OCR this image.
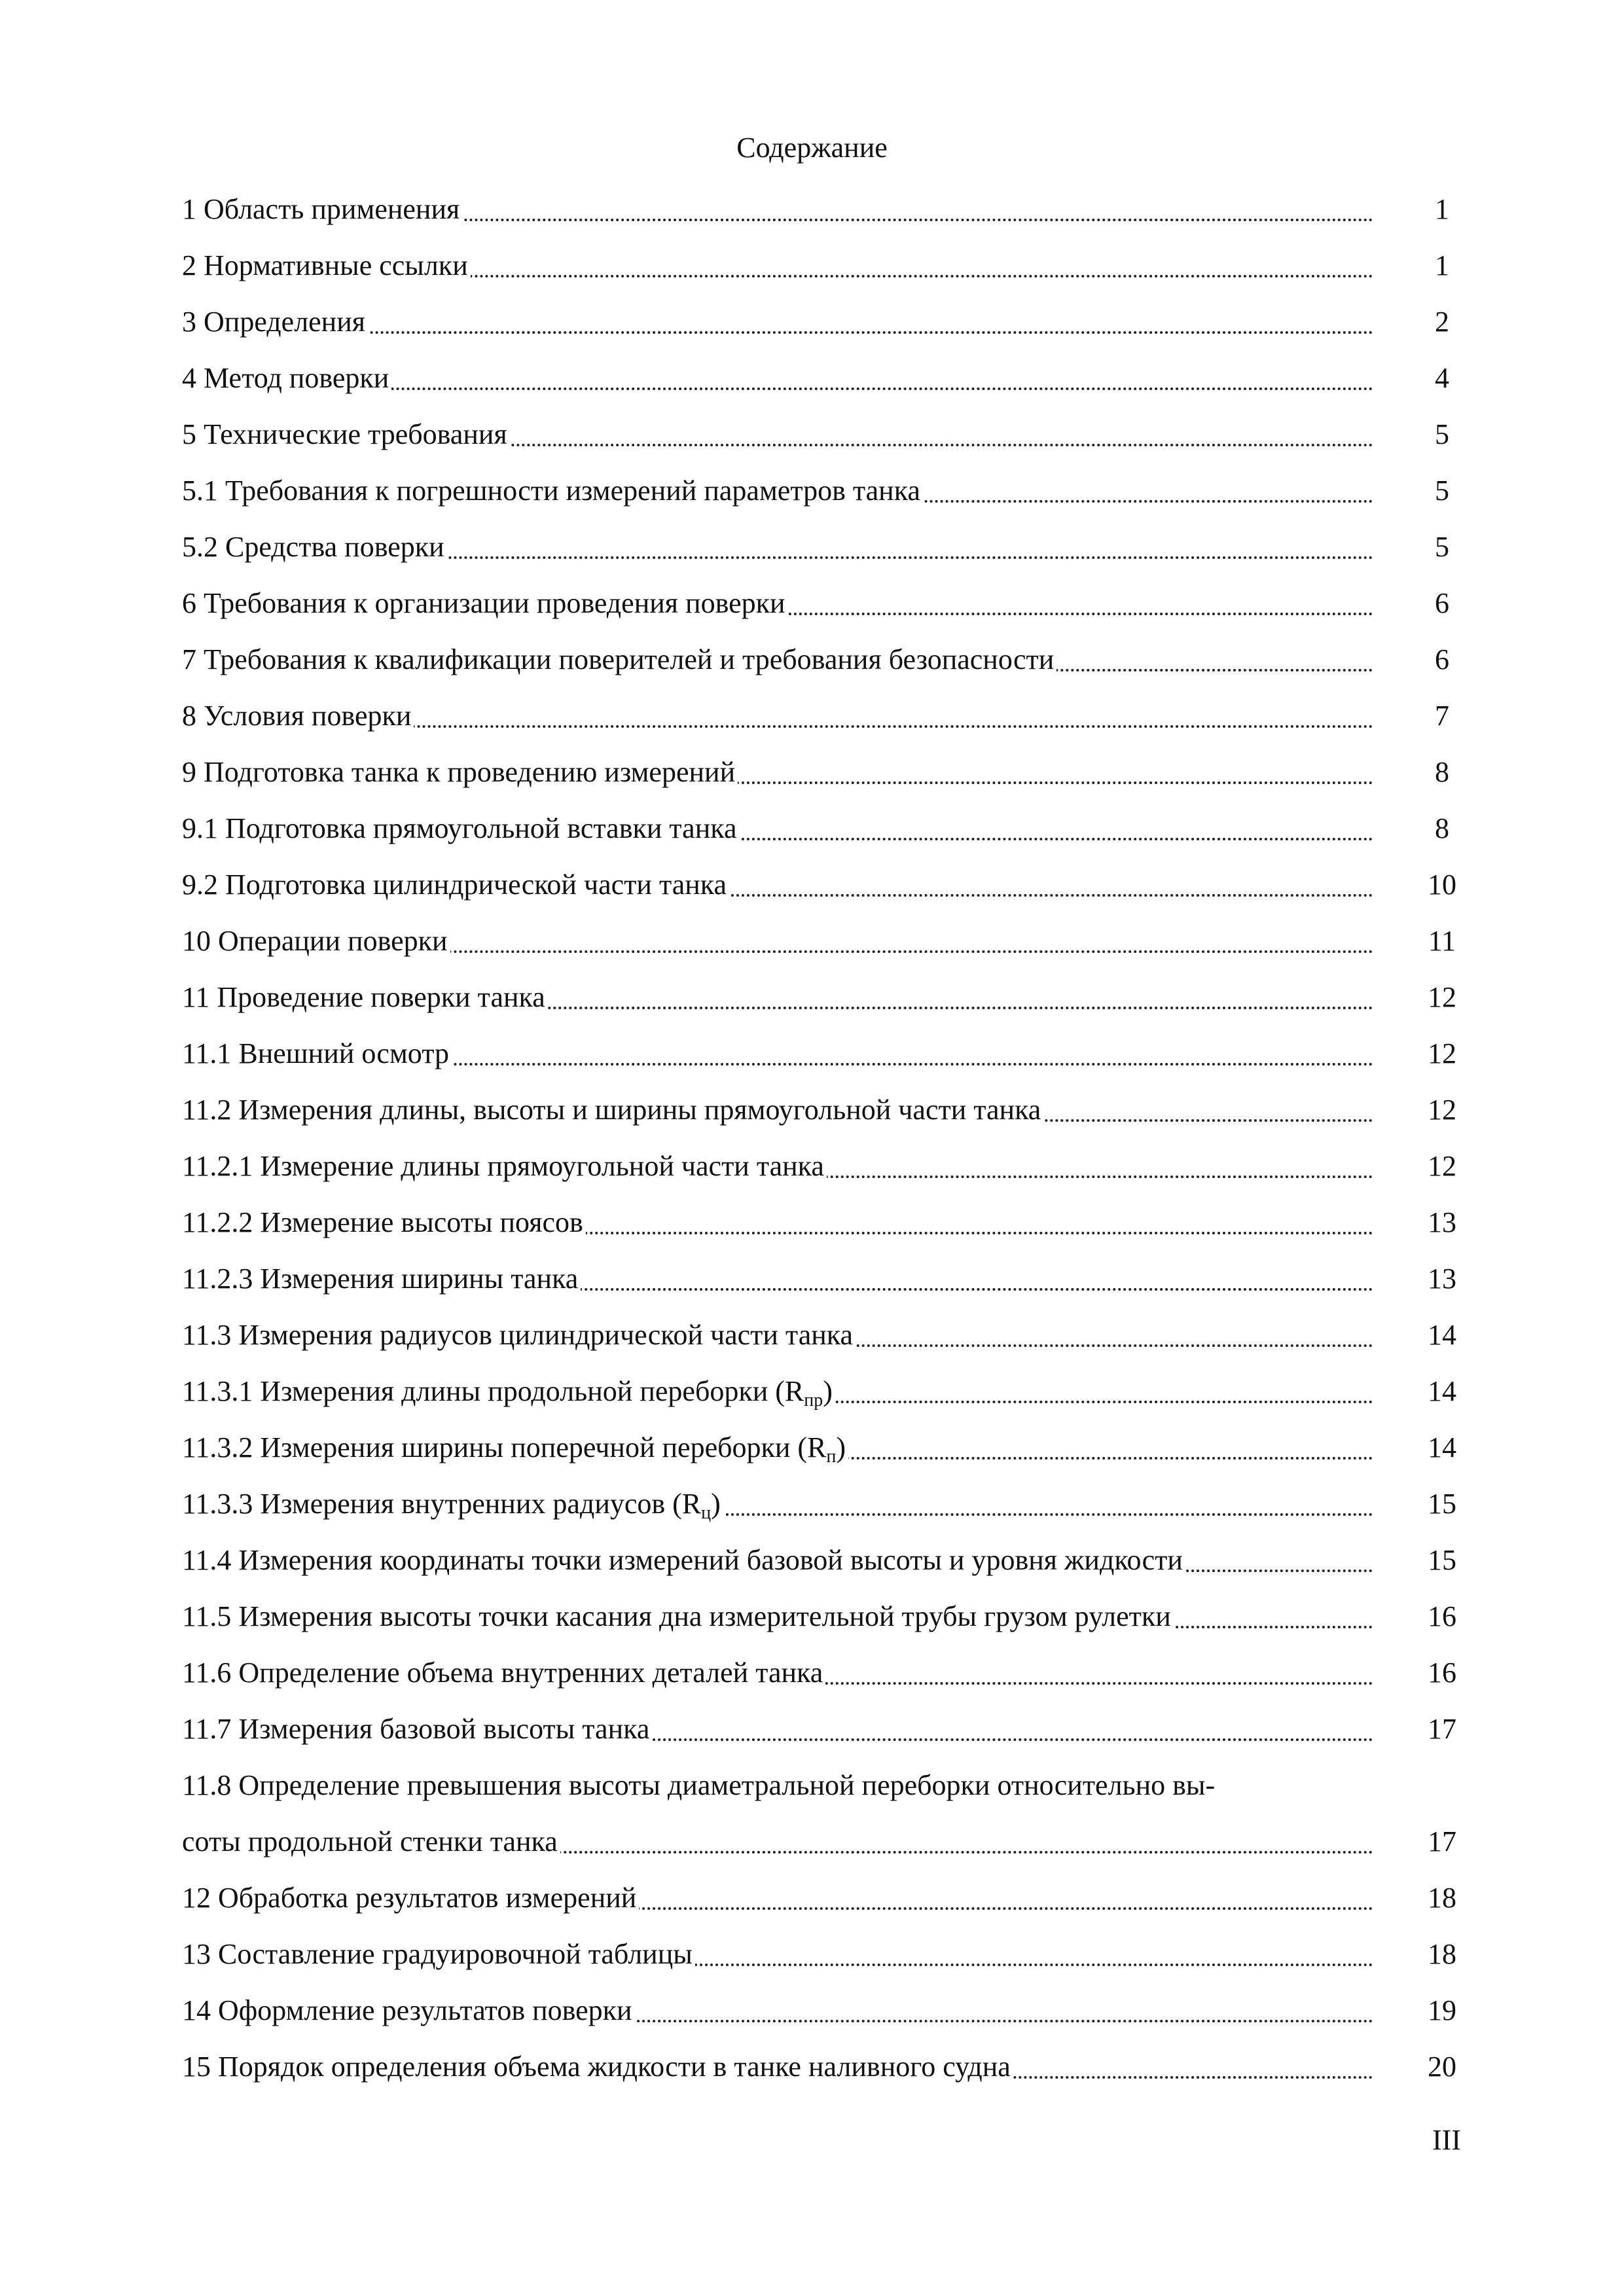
Содержание
1 Область применения	1
2 Нормативные ссылки	1
3 Определения	2
4 Метод поверки	4
5 Технические требования	5
5.1 Требования к погрешности измерений параметров танка	5
5.2 Средства поверки	5
6 Требования к организации проведения поверки	6
7 Требования к квалификации поверителей и требования безопасности	6
8 Условия поверки	7
9 Подготовка танка к проведению измерений	8
9.1 Подготовка прямоугольной вставки танка	8
9.2 Подготовка цилиндрической части танка	10
10 Операции поверки	11
11 Проведение поверки танка	12
11.1 Внешний осмотр	12
11.2 Измерения длины, высоты и ширины прямоугольной части танка	12
11.2.1 Измерение длины прямоугольной части танка	12
11.2.2 Измерение высоты поясов	13
11.2.3 Измерения ширины танка	13
11.3 Измерения радиусов цилиндрической части танка	14
11.3.1 Измерения длины продольной переборки $(R_{пр})$	14
11.3.2 Измерения ширины поперечной переборки $(R_п)$	14
11.3.3 Измерения внутренних радиусов $(R_ц)$	15
11.4 Измерения координаты точки измерений базовой высоты и уровня жидкости	15
11.5 Измерения высоты точки касания дна измерительной трубы грузом рулетки	16
11.6 Определение объема внутренних деталей танка	16
11.7 Измерения базовой высоты танка	17
11.8 Определение превышения высоты диаметральной переборки относительно вы-
соты продольной стенки танка	17
12 Обработка результатов измерений	18
13 Составление градуировочной таблицы	18
14 Оформление результатов поверки	19
15 Порядок определения объема жидкости в танке наливного судна	20
III
